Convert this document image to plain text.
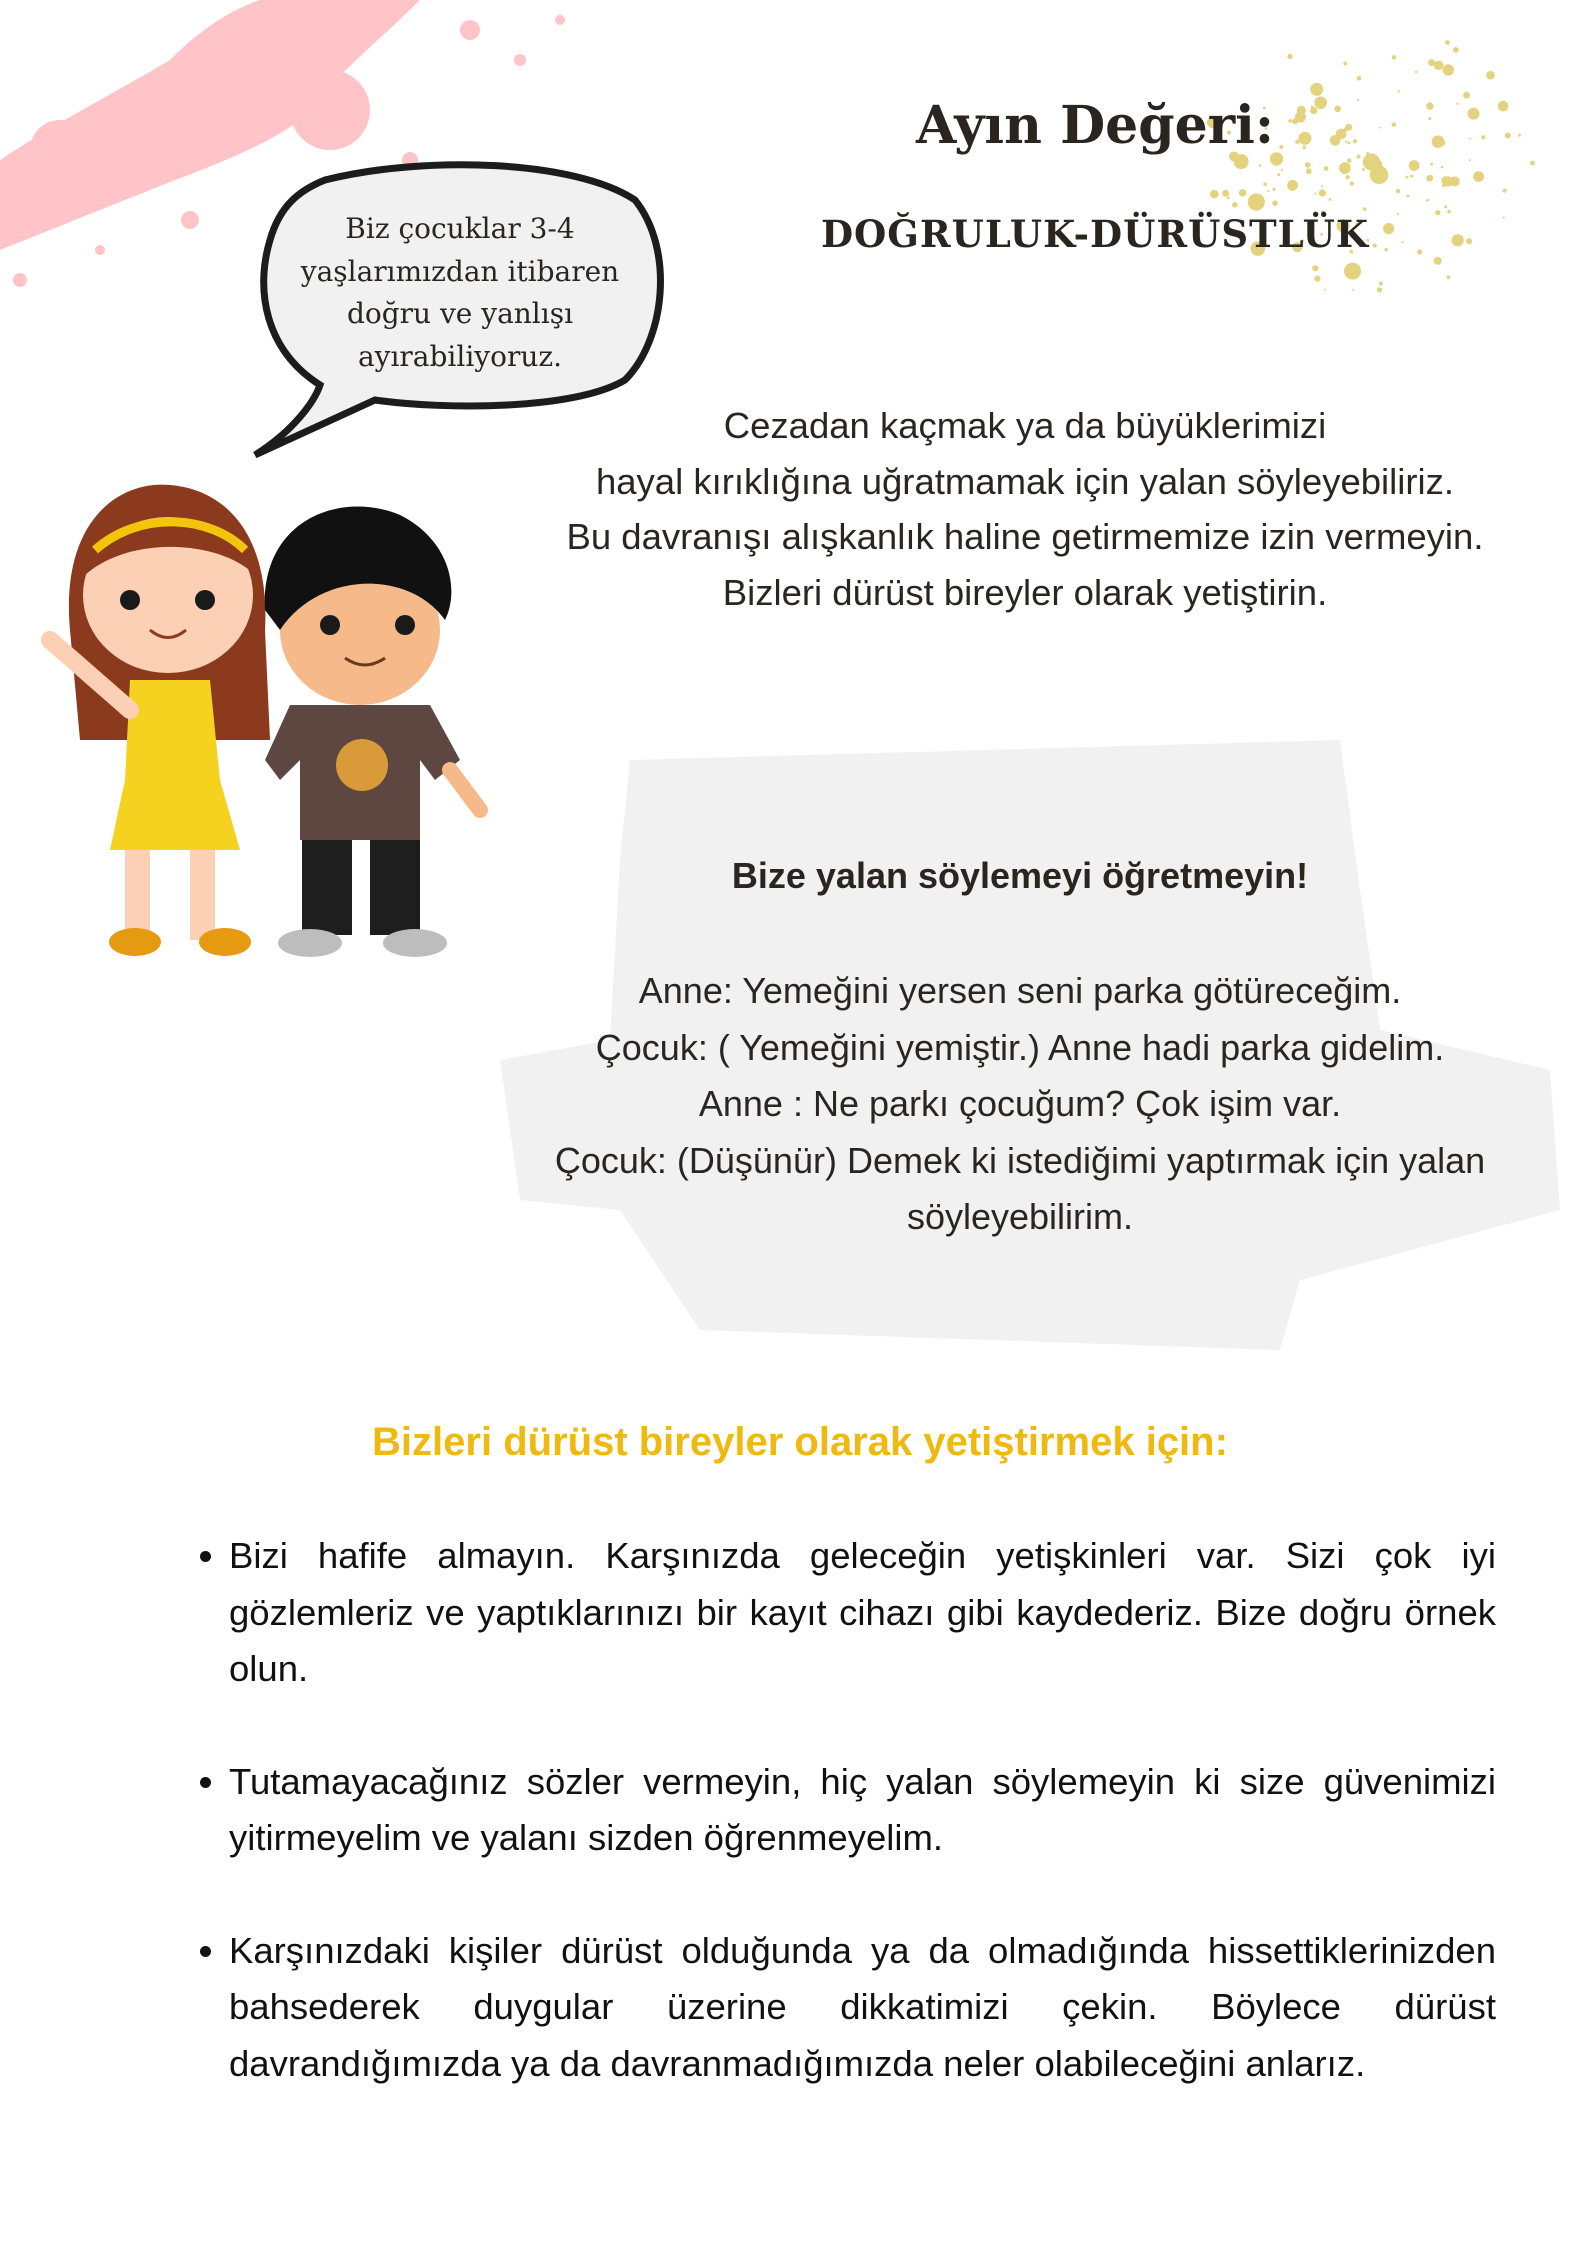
Ayın Değeri:
DOĞRULUK-DÜRÜSTLÜK
Biz çocuklar 3-4
yaşlarımızdan itibaren
doğru ve yanlışı
ayırabiliyoruz.
Cezadan kaçmak ya da büyüklerimizi
hayal kırıklığına uğratmamak için yalan söyleyebiliriz.
Bu davranışı alışkanlık haline getirmemize izin vermeyin.
Bizleri dürüst bireyler olarak yetiştirin.
Bize yalan söylemeyi öğretmeyin!
Anne: Yemeğini yersen seni parka götüreceğim.
Çocuk: ( Yemeğini yemiştir.) Anne hadi parka gidelim.
Anne : Ne parkı çocuğum? Çok işim var.
Çocuk: (Düşünür) Demek ki istediğimi yaptırmak için yalan
söyleyebilirim.
Bizleri dürüst bireyler olarak yetiştirmek için:
• Bizi hafife almayın. Karşınızda geleceğin yetişkinleri var. Sizi çok iyi gözlemleriz ve yaptıklarınızı bir kayıt cihazı gibi kaydederiz. Bize doğru örnek olun.
• Tutamayacağınız sözler vermeyin, hiç yalan söylemeyin ki size güvenimizi yitirmeyelim ve yalanı sizden öğrenmeyelim.
• Karşınızdaki kişiler dürüst olduğunda ya da olmadığında hissettiklerinizden bahsederek duygular üzerine dikkatimizi çekin. Böylece dürüst davrandığımızda ya da davranmadığımızda neler olabileceğini anlarız.
